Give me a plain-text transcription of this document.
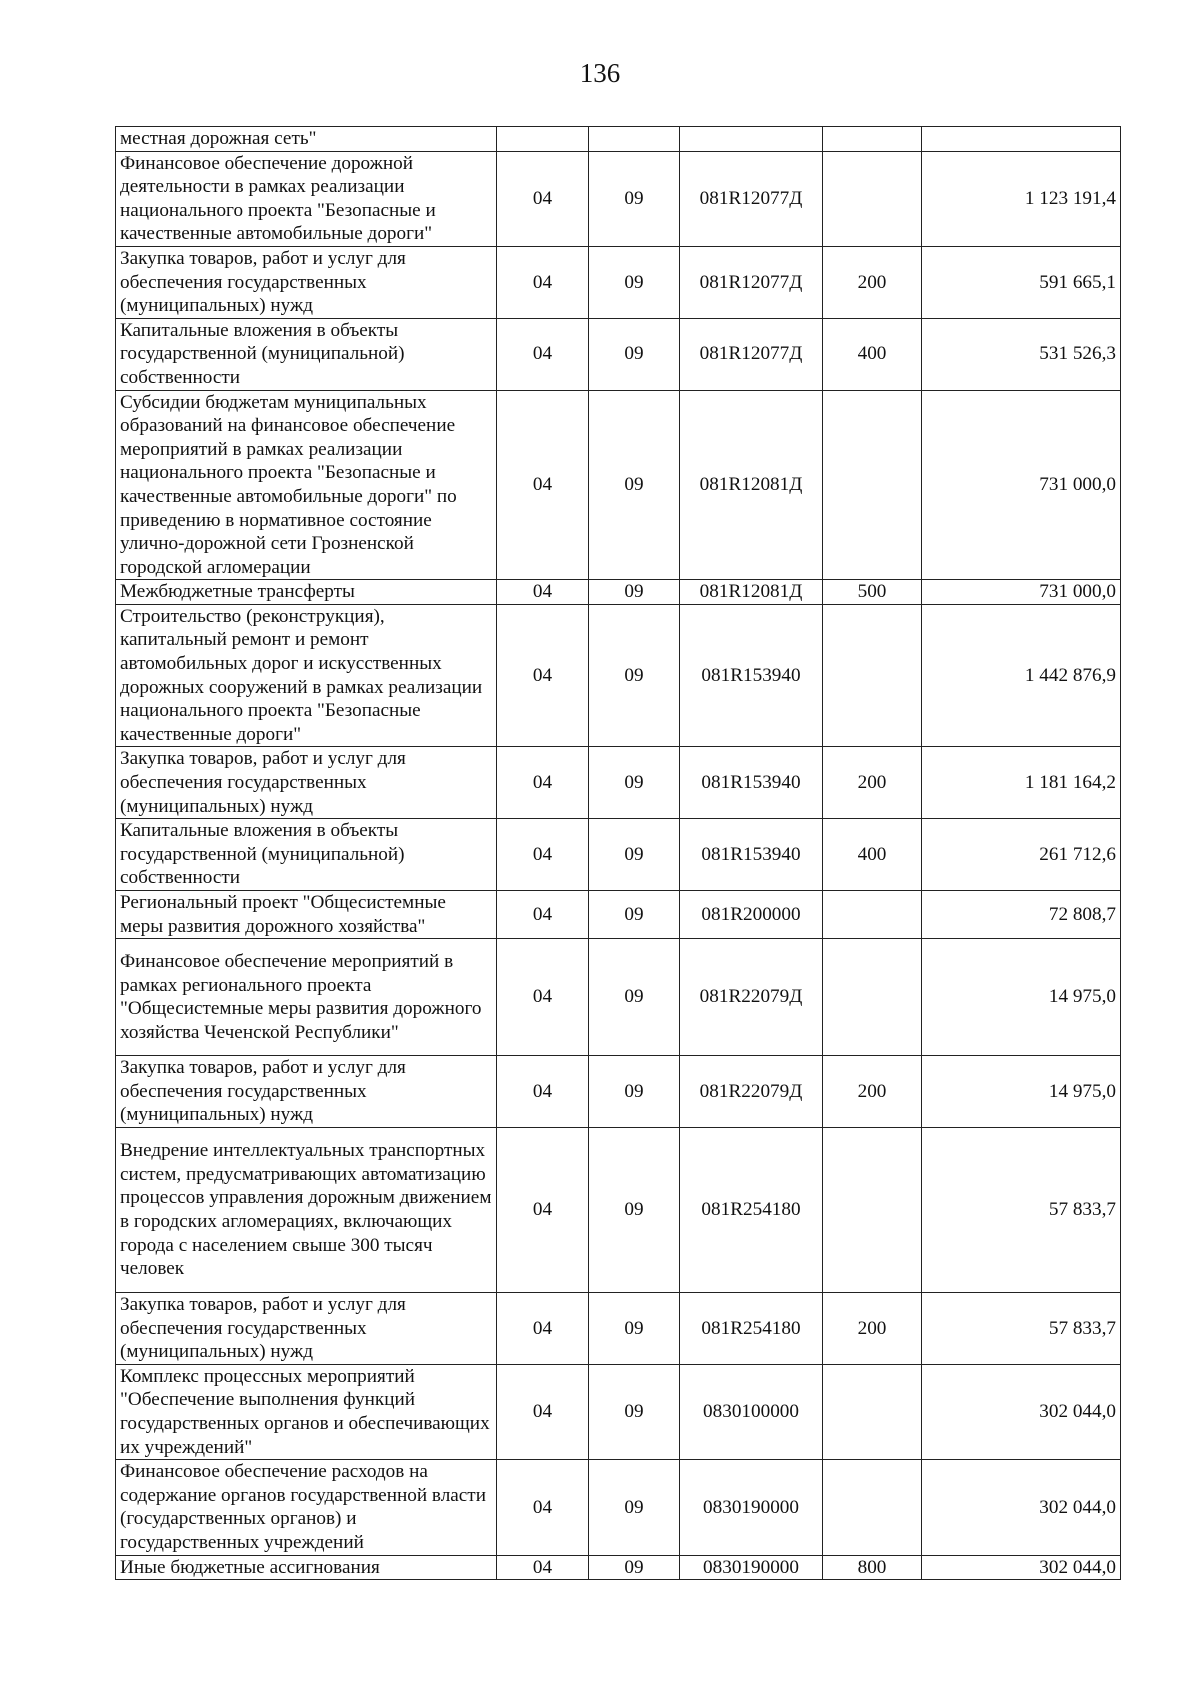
136
местная дорожная сеть"					
Финансовое обеспечение дорожной деятельности в рамках реализации национального проекта "Безопасные и качественные автомобильные дороги"	04	09	081R12077Д		1 123 191,4
Закупка товаров, работ и услуг для обеспечения государственных (муниципальных) нужд	04	09	081R12077Д	200	591 665,1
Капитальные вложения в объекты государственной (муниципальной) собственности	04	09	081R12077Д	400	531 526,3
Субсидии бюджетам муниципальных образований на финансовое обеспечение мероприятий в рамках реализации национального проекта "Безопасные и качественные автомобильные дороги" по приведению в нормативное состояние улично-дорожной сети Грозненской городской агломерации	04	09	081R12081Д		731 000,0
Межбюджетные трансферты	04	09	081R12081Д	500	731 000,0
Строительство (реконструкция), капитальный ремонт и ремонт автомобильных дорог и искусственных дорожных сооружений в рамках реализации национального проекта "Безопасные качественные дороги"	04	09	081R153940		1 442 876,9
Закупка товаров, работ и услуг для обеспечения государственных (муниципальных) нужд	04	09	081R153940	200	1 181 164,2
Капитальные вложения в объекты государственной (муниципальной) собственности	04	09	081R153940	400	261 712,6
Региональный проект "Общесистемные меры развития дорожного хозяйства"	04	09	081R200000		72 808,7
Финансовое обеспечение мероприятий в рамках регионального проекта "Общесистемные меры развития дорожного хозяйства Чеченской Республики"	04	09	081R22079Д		14 975,0
Закупка товаров, работ и услуг для обеспечения государственных (муниципальных) нужд	04	09	081R22079Д	200	14 975,0
Внедрение интеллектуальных транспортных систем, предусматривающих автоматизацию процессов управления дорожным движением в городских агломерациях, включающих города с населением свыше 300 тысяч человек	04	09	081R254180		57 833,7
Закупка товаров, работ и услуг для обеспечения государственных (муниципальных) нужд	04	09	081R254180	200	57 833,7
Комплекс процессных мероприятий "Обеспечение выполнения функций государственных органов и обеспечивающих их учреждений"	04	09	0830100000		302 044,0
Финансовое обеспечение расходов на содержание органов государственной власти (государственных органов) и государственных учреждений	04	09	0830190000		302 044,0
Иные бюджетные ассигнования	04	09	0830190000	800	302 044,0
